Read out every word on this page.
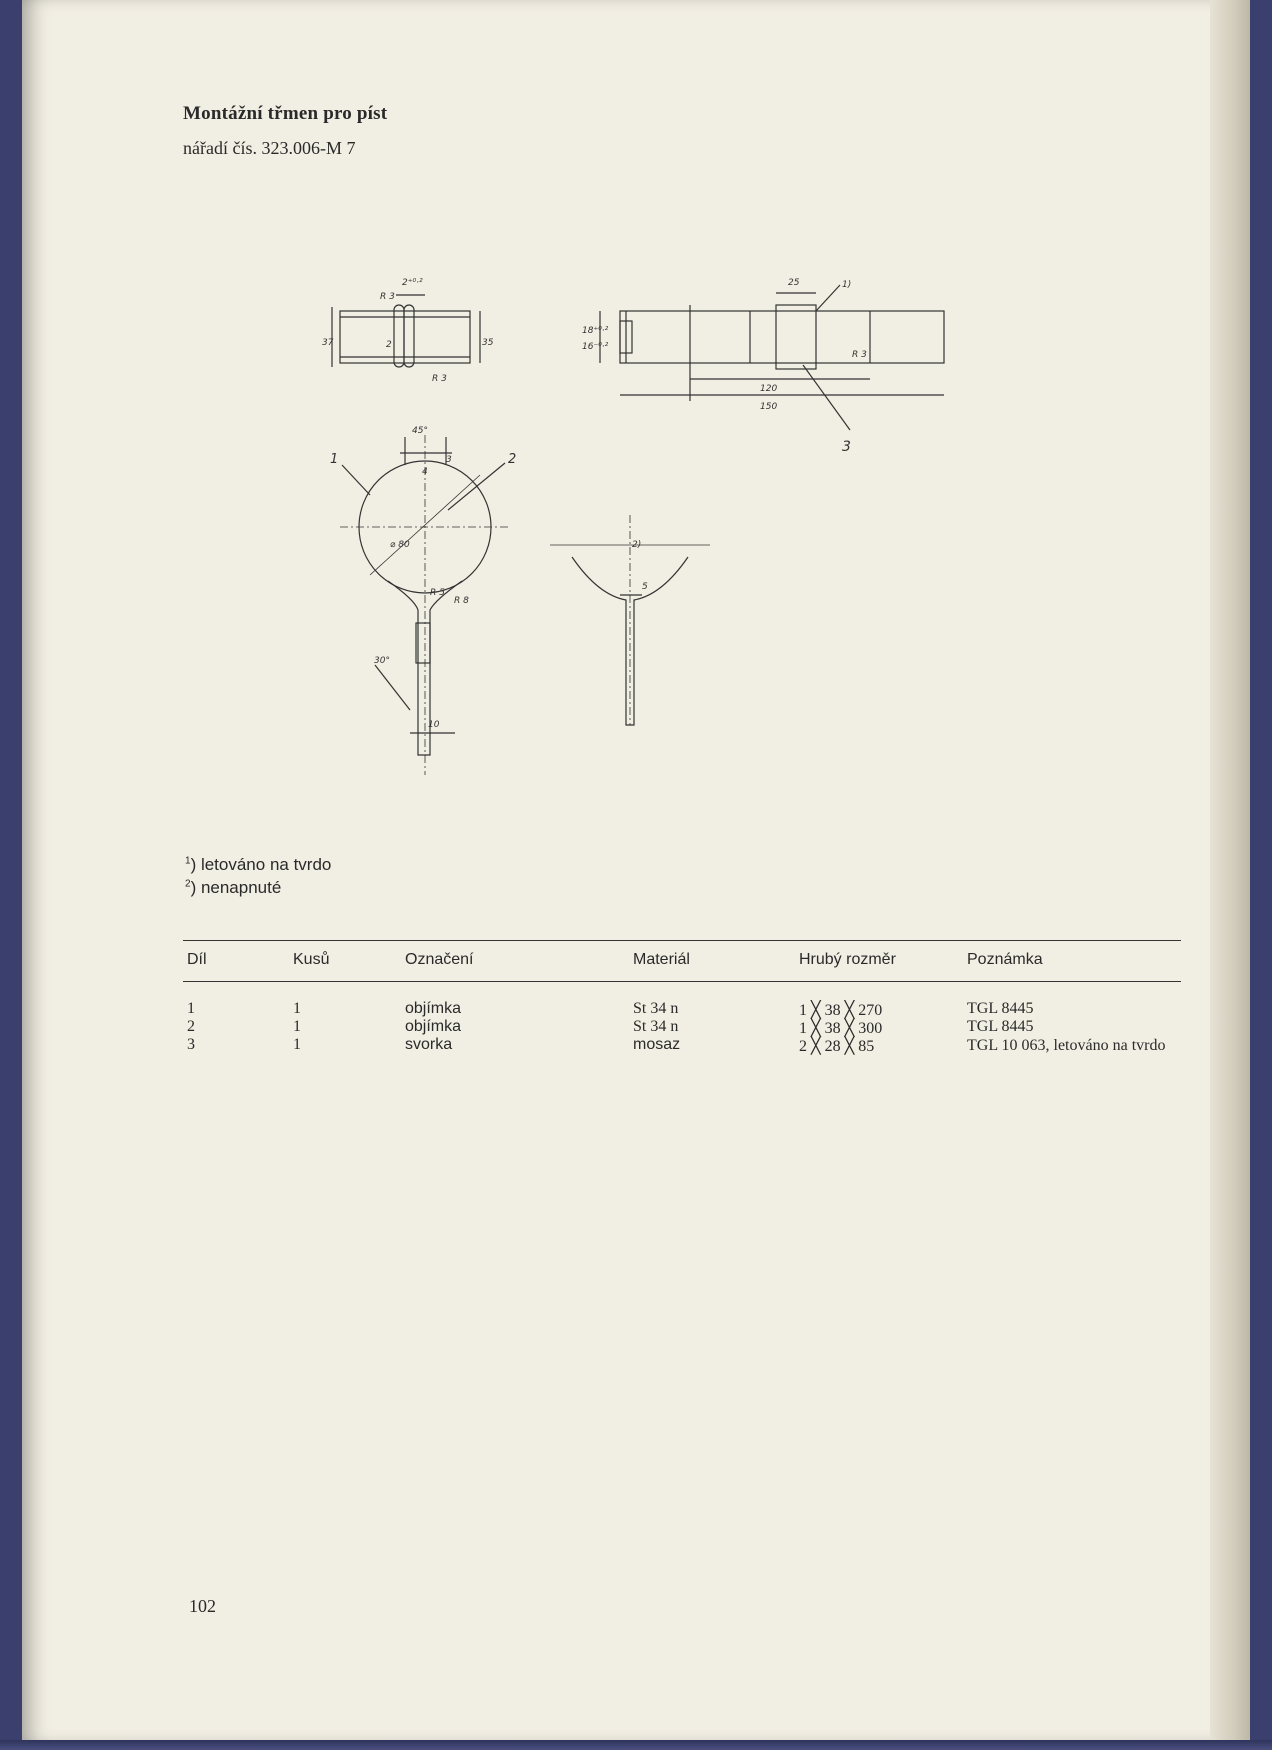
Montážní třmen pro píst
nářadí čís. 323.006-M 7
2⁺⁰·²
R 3
R 3
37	35
2
25	1)
R 3
18⁺⁰·²
16⁻⁰·²
120
150
3
45°
3
4
1	2
⌀ 80
R 8
R 5
30°
10
2)
5
$^1$) letováno na tvrdo
$^2$) nenapnuté
Díl	Kusů	Označení	Materiál	Hrubý rozměr	Poznámka
1	1	objímka	St 34 n	1 ╳ 38 ╳ 270	TGL 8445
2	1	objímka	St 34 n	1 ╳ 38 ╳ 300	TGL 8445
3	1	svorka	mosaz	2 ╳ 28 ╳ 85	TGL 10 063, letováno na tvrdo
102
